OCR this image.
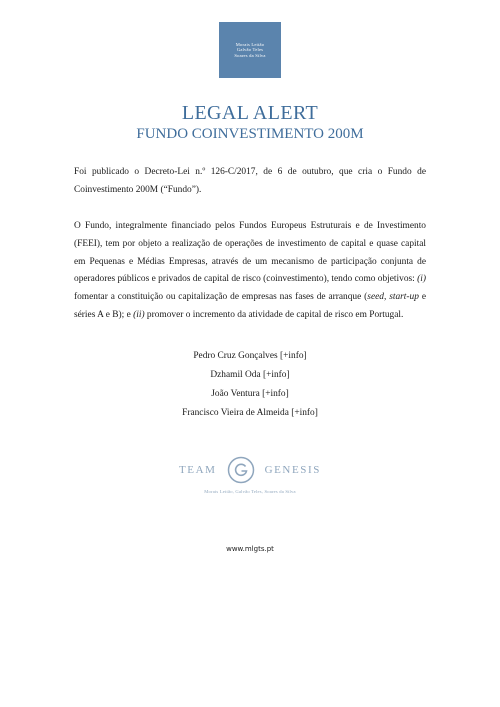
Morais Leitão
Galvão Teles
Soares da Silva
LEGAL ALERT
FUNDO COINVESTIMENTO 200M

Foi publicado o Decreto-Lei n.º 126-C/2017, de 6 de outubro, que cria o Fundo de Coinvestimento 200M (“Fundo”).

O Fundo, integralmente financiado pelos Fundos Europeus Estruturais e de Investimento (FEEI), tem por objeto a realização de operações de investimento de capital e quase capital em Pequenas e Médias Empresas, através de um mecanismo de participação conjunta de operadores públicos e privados de capital de risco (coinvestimento), tendo como objetivos: (i) fomentar a constituição ou capitalização de empresas nas fases de arranque (seed, start-up e séries A e B); e (ii) promover o incremento da atividade de capital de risco em Portugal.

Pedro Cruz Gonçalves [+info]
Dzhamil Oda [+info]
João Ventura [+info]
Francisco Vieira de Almeida [+info]
TEAM	GENESIS
Morais Leitão, Galvão Teles, Soares da Silva
www.mlgts.pt
